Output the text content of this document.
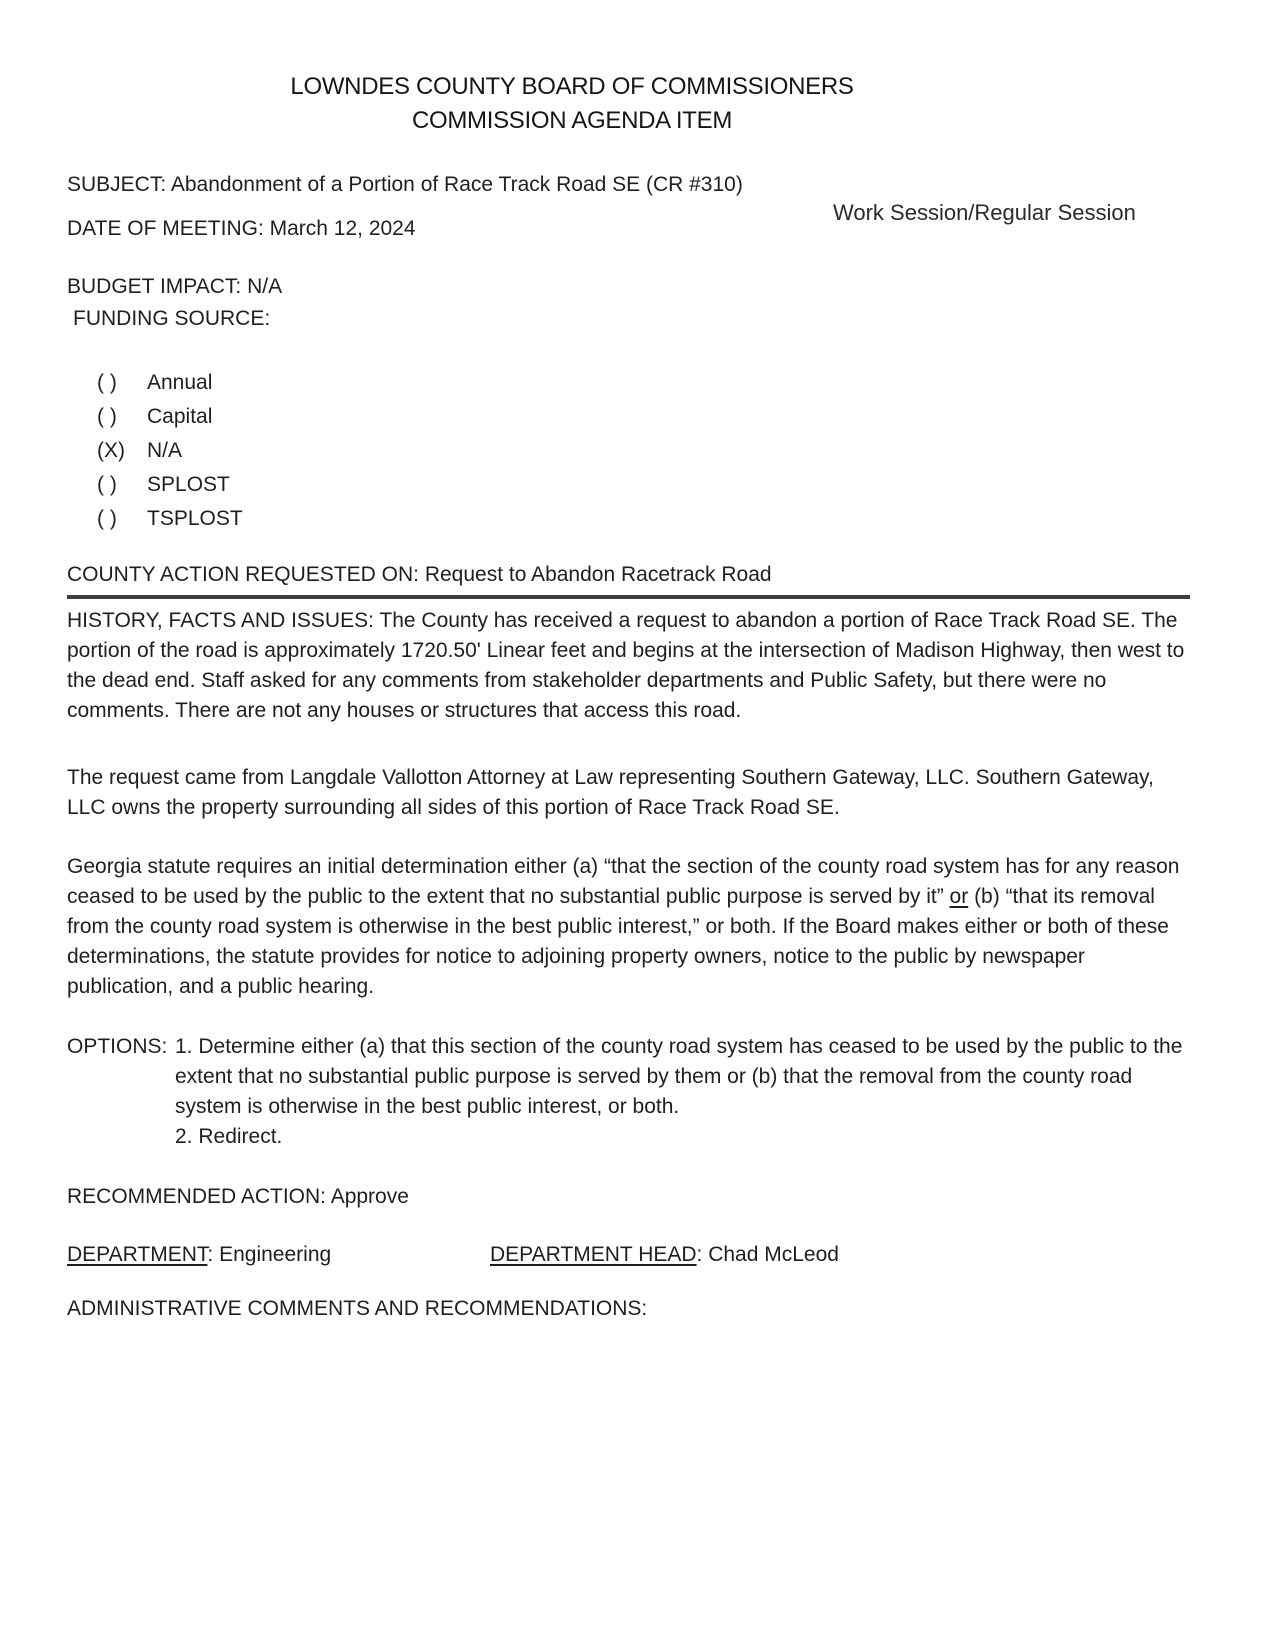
LOWNDES COUNTY BOARD OF COMMISSIONERS
COMMISSION AGENDA ITEM
SUBJECT: Abandonment of a Portion of Race Track Road SE (CR #310)
DATE OF MEETING: March 12, 2024
Work Session/Regular Session
BUDGET IMPACT: N/A
FUNDING SOURCE:
( ) Annual
( ) Capital
(X) N/A
( ) SPLOST
( ) TSPLOST
COUNTY ACTION REQUESTED ON: Request to Abandon Racetrack Road
HISTORY, FACTS AND ISSUES: The County has received a request to abandon a portion of Race Track Road SE. The portion of the road is approximately 1720.50' Linear feet and begins at the intersection of Madison Highway, then west to the dead end. Staff asked for any comments from stakeholder departments and Public Safety, but there were no comments. There are not any houses or structures that access this road.
The request came from Langdale Vallotton Attorney at Law representing Southern Gateway, LLC. Southern Gateway, LLC owns the property surrounding all sides of this portion of Race Track Road SE.
Georgia statute requires an initial determination either (a) “that the section of the county road system has for any reason ceased to be used by the public to the extent that no substantial public purpose is served by it” or (b) “that its removal from the county road system is otherwise in the best public interest,” or both. If the Board makes either or both of these determinations, the statute provides for notice to adjoining property owners, notice to the public by newspaper publication, and a public hearing.
OPTIONS: 1. Determine either (a) that this section of the county road system has ceased to be used by the public to the extent that no substantial public purpose is served by them or (b) that the removal from the county road system is otherwise in the best public interest, or both.
2. Redirect.
RECOMMENDED ACTION: Approve
DEPARTMENT: Engineering	DEPARTMENT HEAD: Chad McLeod
ADMINISTRATIVE COMMENTS AND RECOMMENDATIONS:
